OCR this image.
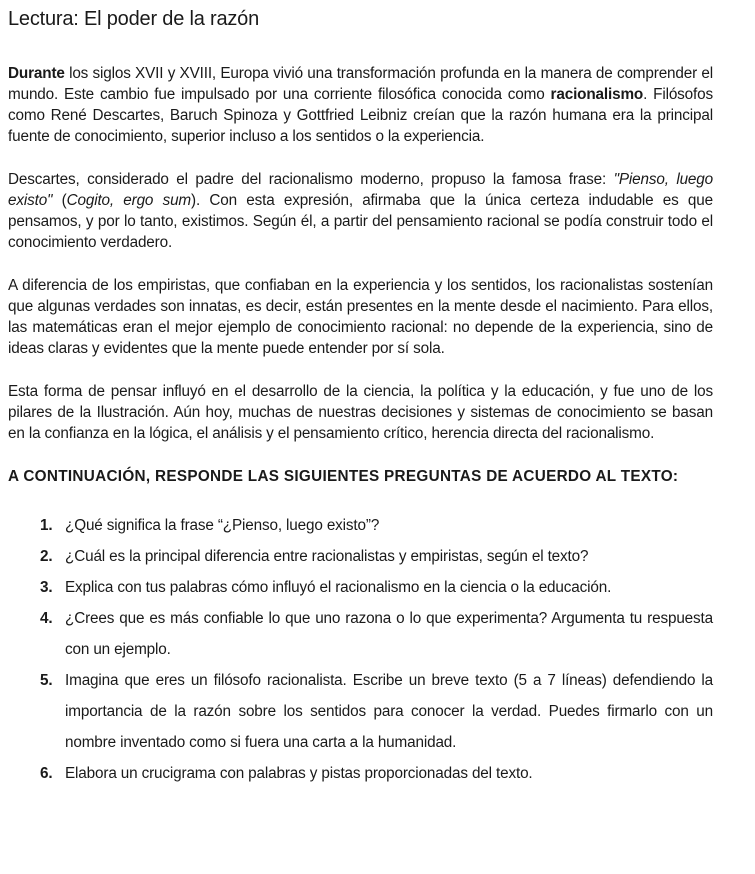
Lectura: El poder de la razón

Durante los siglos XVII y XVIII, Europa vivió una transformación profunda en la manera de comprender el mundo. Este cambio fue impulsado por una corriente filosófica conocida como racionalismo. Filósofos como René Descartes, Baruch Spinoza y Gottfried Leibniz creían que la razón humana era la principal fuente de conocimiento, superior incluso a los sentidos o la experiencia.

Descartes, considerado el padre del racionalismo moderno, propuso la famosa frase: "Pienso, luego existo" (Cogito, ergo sum). Con esta expresión, afirmaba que la única certeza indudable es que pensamos, y por lo tanto, existimos. Según él, a partir del pensamiento racional se podía construir todo el conocimiento verdadero.

A diferencia de los empiristas, que confiaban en la experiencia y los sentidos, los racionalistas sostenían que algunas verdades son innatas, es decir, están presentes en la mente desde el nacimiento. Para ellos, las matemáticas eran el mejor ejemplo de conocimiento racional: no depende de la experiencia, sino de ideas claras y evidentes que la mente puede entender por sí sola.

Esta forma de pensar influyó en el desarrollo de la ciencia, la política y la educación, y fue uno de los pilares de la Ilustración. Aún hoy, muchas de nuestras decisiones y sistemas de conocimiento se basan en la confianza en la lógica, el análisis y el pensamiento crítico, herencia directa del racionalismo.

A CONTINUACIÓN, RESPONDE LAS SIGUIENTES PREGUNTAS DE ACUERDO AL TEXTO:

1. ¿Qué significa la frase “¿Pienso, luego existo”?
2. ¿Cuál es la principal diferencia entre racionalistas y empiristas, según el texto?
3. Explica con tus palabras cómo influyó el racionalismo en la ciencia o la educación.
4. ¿Crees que es más confiable lo que uno razona o lo que experimenta? Argumenta tu respuesta con un ejemplo.
5. Imagina que eres un filósofo racionalista. Escribe un breve texto (5 a 7 líneas) defendiendo la importancia de la razón sobre los sentidos para conocer la verdad. Puedes firmarlo con un nombre inventado como si fuera una carta a la humanidad.
6. Elabora un crucigrama con palabras y pistas proporcionadas del texto.
